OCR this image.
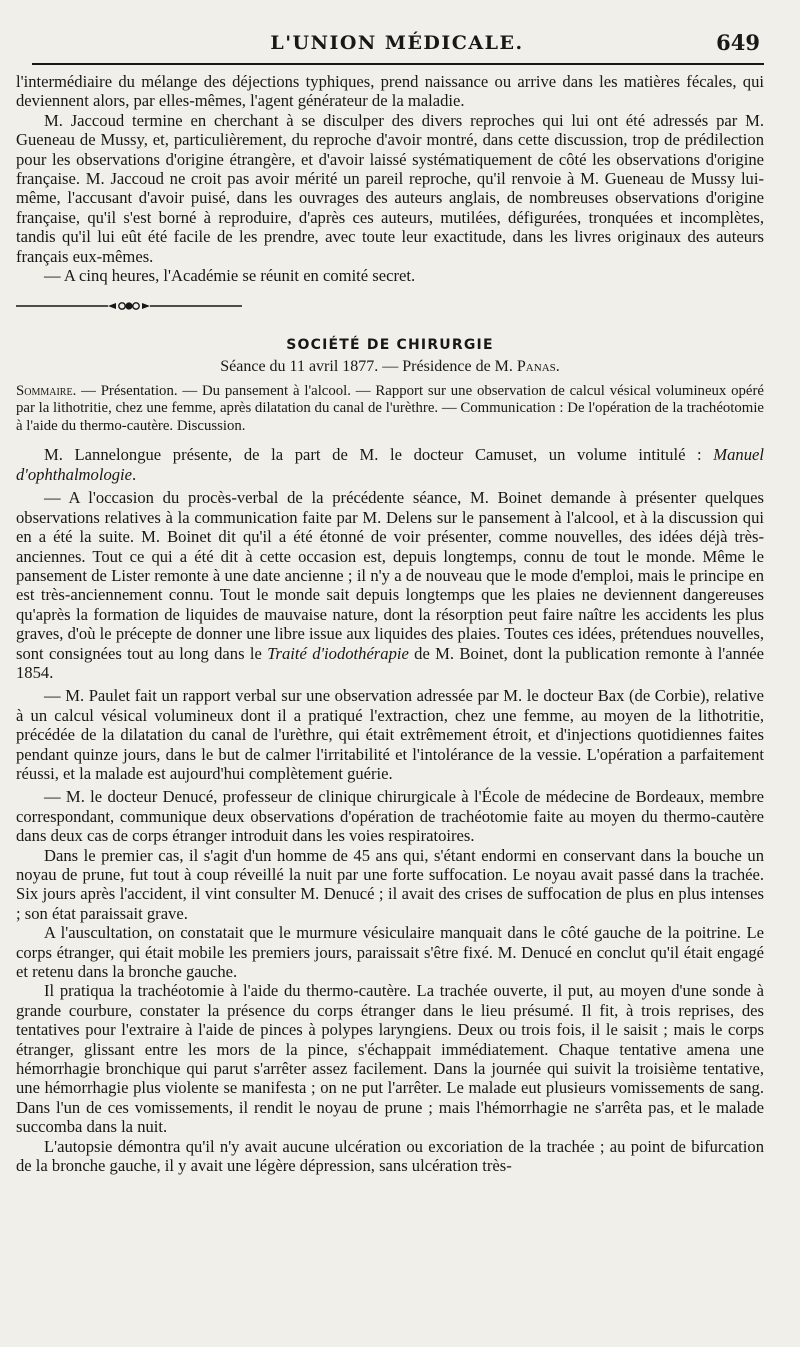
L'UNION MÉDICALE.	649

l'intermédiaire du mélange des déjections typhiques, prend naissance ou arrive dans les matières fécales, qui deviennent alors, par elles-mêmes, l'agent générateur de la maladie.

M. Jaccoud termine en cherchant à se disculper des divers reproches qui lui ont été adressés par M. Gueneau de Mussy, et, particulièrement, du reproche d'avoir montré, dans cette discussion, trop de prédilection pour les observations d'origine étrangère, et d'avoir laissé systématiquement de côté les observations d'origine française. M. Jaccoud ne croit pas avoir mérité un pareil reproche, qu'il renvoie à M. Gueneau de Mussy lui-même, l'accusant d'avoir puisé, dans les ouvrages des auteurs anglais, de nombreuses observations d'origine française, qu'il s'est borné à reproduire, d'après ces auteurs, mutilées, défigurées, tronquées et incomplètes, tandis qu'il lui eût été facile de les prendre, avec toute leur exactitude, dans les livres originaux des auteurs français eux-mêmes.

— A cinq heures, l'Académie se réunit en comité secret.

SOCIÉTÉ DE CHIRURGIE
Séance du 11 avril 1877. — Présidence de M. Panas.

Sommaire. — Présentation. — Du pansement à l'alcool. — Rapport sur une observation de calcul vésical volumineux opéré par la lithotritie, chez une femme, après dilatation du canal de l'urèthre. — Communication : De l'opération de la trachéotomie à l'aide du thermo-cautère. Discussion.

M. Lannelongue présente, de la part de M. le docteur Camuset, un volume intitulé : Manuel d'ophthalmologie.

— A l'occasion du procès-verbal de la précédente séance, M. Boinet demande à présenter quelques observations relatives à la communication faite par M. Delens sur le pansement à l'alcool, et à la discussion qui en a été la suite. M. Boinet dit qu'il a été étonné de voir présenter, comme nouvelles, des idées déjà très-anciennes. Tout ce qui a été dit à cette occasion est, depuis longtemps, connu de tout le monde. Même le pansement de Lister remonte à une date ancienne ; il n'y a de nouveau que le mode d'emploi, mais le principe en est très-anciennement connu. Tout le monde sait depuis longtemps que les plaies ne deviennent dangereuses qu'après la formation de liquides de mauvaise nature, dont la résorption peut faire naître les accidents les plus graves, d'où le précepte de donner une libre issue aux liquides des plaies. Toutes ces idées, prétendues nouvelles, sont consignées tout au long dans le Traité d'iodothérapie de M. Boinet, dont la publication remonte à l'année 1854.

— M. Paulet fait un rapport verbal sur une observation adressée par M. le docteur Bax (de Corbie), relative à un calcul vésical volumineux dont il a pratiqué l'extraction, chez une femme, au moyen de la lithotritie, précédée de la dilatation du canal de l'urèthre, qui était extrêmement étroit, et d'injections quotidiennes faites pendant quinze jours, dans le but de calmer l'irritabilité et l'intolérance de la vessie. L'opération a parfaitement réussi, et la malade est aujourd'hui complètement guérie.

— M. le docteur Denucé, professeur de clinique chirurgicale à l'École de médecine de Bordeaux, membre correspondant, communique deux observations d'opération de trachéotomie faite au moyen du thermo-cautère dans deux cas de corps étranger introduit dans les voies respiratoires.

Dans le premier cas, il s'agit d'un homme de 45 ans qui, s'étant endormi en conservant dans la bouche un noyau de prune, fut tout à coup réveillé la nuit par une forte suffocation. Le noyau avait passé dans la trachée. Six jours après l'accident, il vint consulter M. Denucé ; il avait des crises de suffocation de plus en plus intenses ; son état paraissait grave.

A l'auscultation, on constatait que le murmure vésiculaire manquait dans le côté gauche de la poitrine. Le corps étranger, qui était mobile les premiers jours, paraissait s'être fixé. M. Denucé en conclut qu'il était engagé et retenu dans la bronche gauche.

Il pratiqua la trachéotomie à l'aide du thermo-cautère. La trachée ouverte, il put, au moyen d'une sonde à grande courbure, constater la présence du corps étranger dans le lieu présumé. Il fit, à trois reprises, des tentatives pour l'extraire à l'aide de pinces à polypes laryngiens. Deux ou trois fois, il le saisit ; mais le corps étranger, glissant entre les mors de la pince, s'échappait immédiatement. Chaque tentative amena une hémorrhagie bronchique qui parut s'arrêter assez facilement. Dans la journée qui suivit la troisième tentative, une hémorrhagie plus violente se manifesta ; on ne put l'arrêter. Le malade eut plusieurs vomissements de sang. Dans l'un de ces vomissements, il rendit le noyau de prune ; mais l'hémorrhagie ne s'arrêta pas, et le malade succomba dans la nuit.

L'autopsie démontra qu'il n'y avait aucune ulcération ou excoriation de la trachée ; au point de bifurcation de la bronche gauche, il y avait une légère dépression, sans ulcération très-
